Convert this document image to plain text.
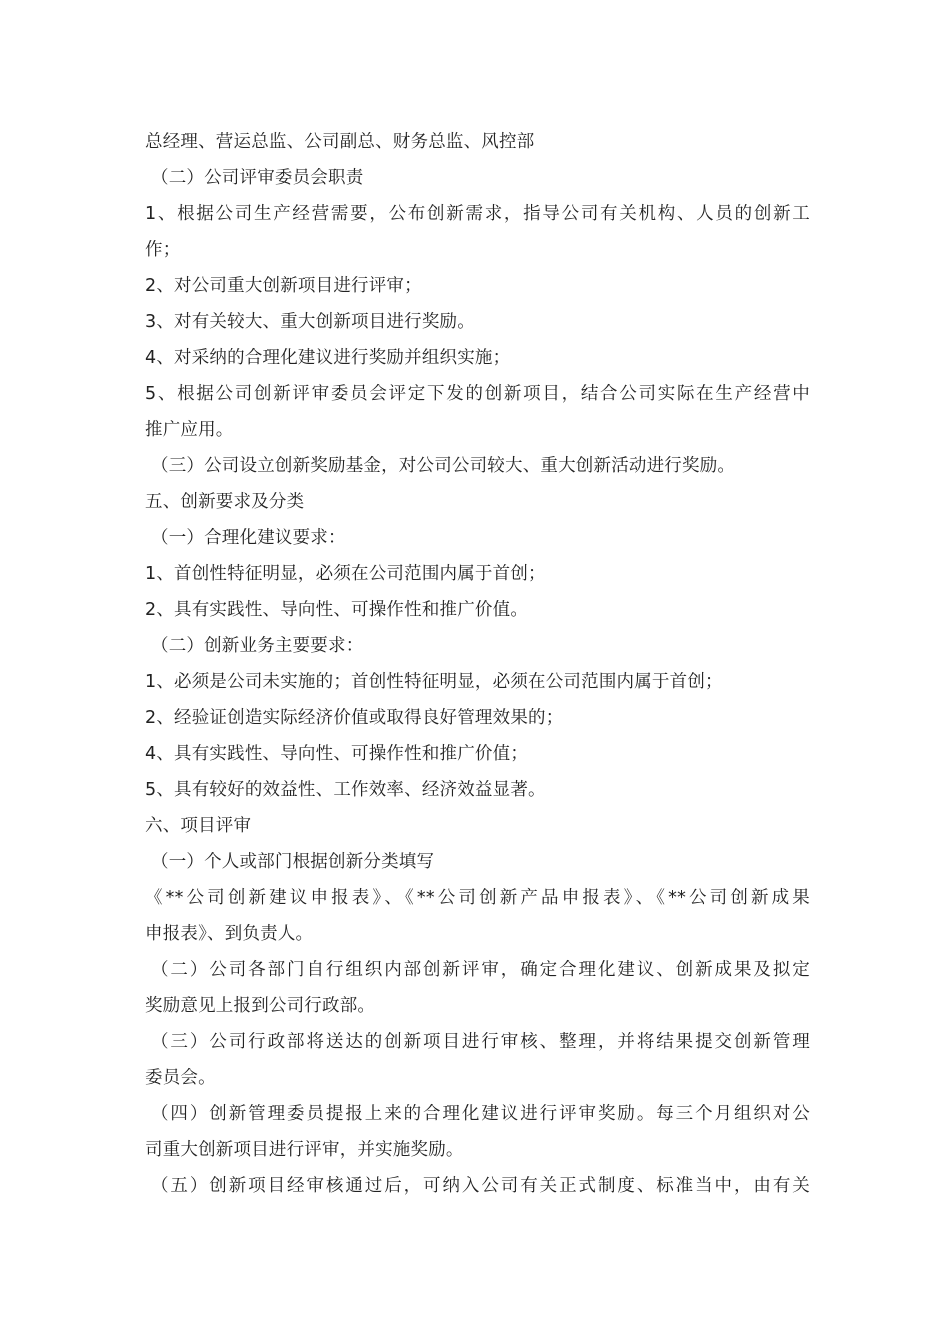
总经理、营运总监、公司副总、财务总监、风控部
（二）公司评审委员会职责
1、根据公司生产经营需要，公布创新需求，指导公司有关机构、人员的创新工
作；
2、对公司重大创新项目进行评审；
3、对有关较大、重大创新项目进行奖励。
4、对采纳的合理化建议进行奖励并组织实施；
5、根据公司创新评审委员会评定下发的创新项目，结合公司实际在生产经营中
推广应用。
（三）公司设立创新奖励基金，对公司公司较大、重大创新活动进行奖励。
五、创新要求及分类
（一）合理化建议要求：
1、首创性特征明显，必须在公司范围内属于首创；
2、具有实践性、导向性、可操作性和推广价值。
（二）创新业务主要要求：
1、必须是公司未实施的；首创性特征明显，必须在公司范围内属于首创；
2、经验证创造实际经济价值或取得良好管理效果的；
4、具有实践性、导向性、可操作性和推广价值；
5、具有较好的效益性、工作效率、经济效益显著。
六、项目评审
（一）个人或部门根据创新分类填写
《**公司创新建议申报表》、《**公司创新产品申报表》、《**公司创新成果
申报表》、到负责人。
（二）公司各部门自行组织内部创新评审，确定合理化建议、创新成果及拟定
奖励意见上报到公司行政部。
（三）公司行政部将送达的创新项目进行审核、整理，并将结果提交创新管理
委员会。
（四）创新管理委员提报上来的合理化建议进行评审奖励。每三个月组织对公
司重大创新项目进行评审，并实施奖励。
（五）创新项目经审核通过后，可纳入公司有关正式制度、标准当中，由有关
